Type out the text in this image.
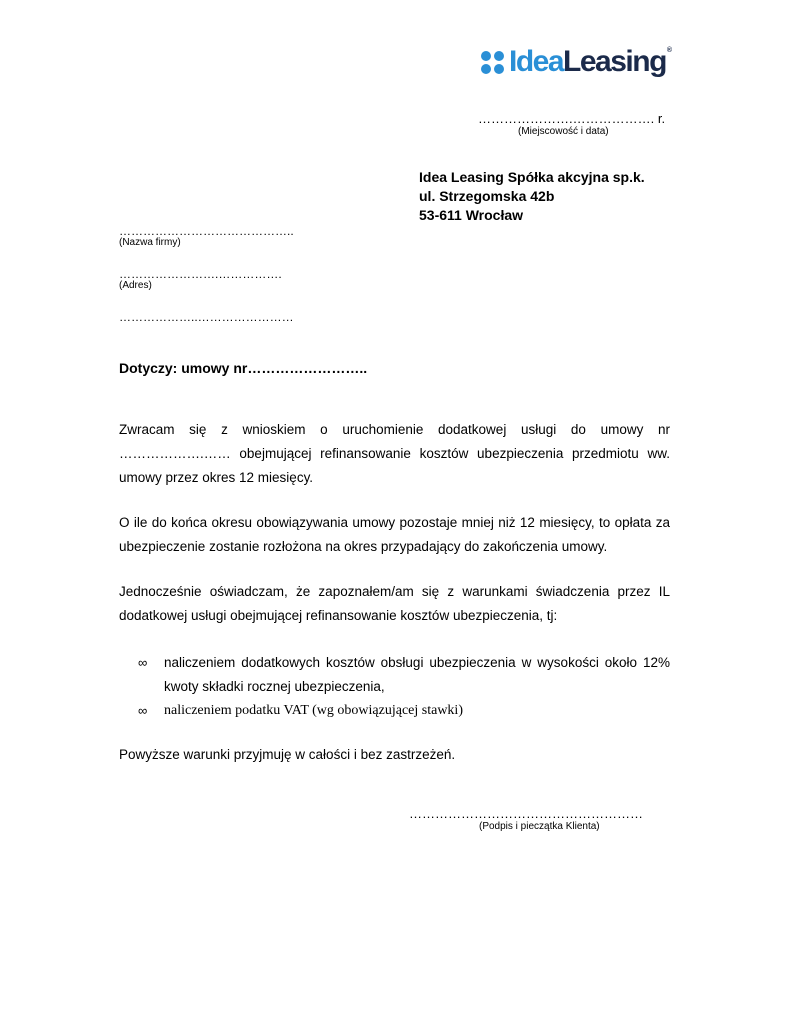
IdeaLeasing®
………………….………………. r.
(Miejscowość i data)
Idea Leasing Spółka akcyjna sp.k.
ul. Strzegomska 42b
53-611 Wrocław
……………………………………..
(Nazwa firmy)
…………………….…………….
(Adres)
………………..……………………
Dotyczy: umowy nr……………………..

Zwracam się z wnioskiem o uruchomienie dodatkowej usługi do umowy nr ……………….…… obejmującej refinansowanie kosztów ubezpieczenia przedmiotu ww. umowy przez okres 12 miesięcy.

O ile do końca okresu obowiązywania umowy pozostaje mniej niż 12 miesięcy, to opłata za ubezpieczenie zostanie rozłożona na okres przypadający do zakończenia umowy.

Jednocześnie oświadczam, że zapoznałem/am się z warunkami świadczenia przez IL dodatkowej usługi obejmującej refinansowanie kosztów ubezpieczenia, tj:

∞	naliczeniem dodatkowych kosztów obsługi ubezpieczenia w wysokości około 12% kwoty składki rocznej ubezpieczenia,
∞	naliczeniem podatku VAT (wg obowiązującej stawki)

Powyższe warunki przyjmuję w całości i bez zastrzeżeń.

………………………………………………
(Podpis i pieczątka Klienta)
